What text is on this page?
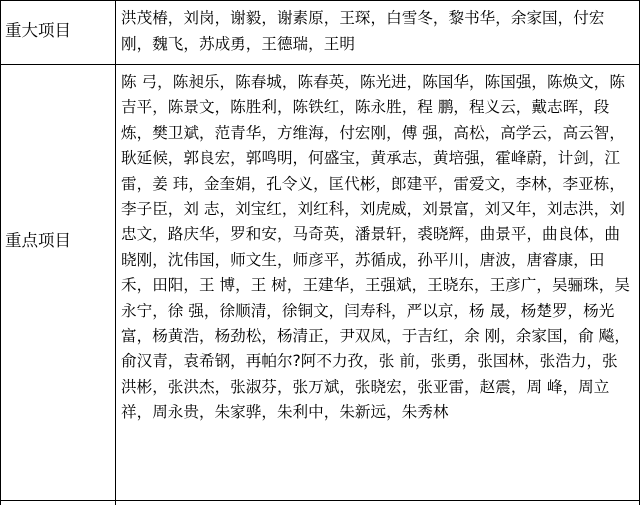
重大项目
洪茂椿，刘岗，谢毅，谢素原，王琛，白雪冬，黎书华，余家国，付宏刚，魏飞，苏成勇，王德瑞，王明
重点项目
陈 弓，陈昶乐，陈春城，陈春英，陈光进，陈国华，陈国强，陈焕文，陈吉平，陈景文，陈胜利，陈铁红，陈永胜，程 鹏，程义云，戴志晖，段炼，樊卫斌，范青华，方维海，付宏刚，傅 强，高松，高学云，高云智，耿延候，郭良宏，郭鸣明，何盛宝，黄承志，黄培强，霍峰蔚，计剑，江 雷，姜 玮，金奎娟，孔令义，匡代彬，郎建平，雷爱文，李林，李亚栋，李子臣，刘 志，刘宝红，刘红科，刘虎威，刘景富，刘又年，刘志洪，刘忠文，路庆华，罗和安，马奇英，潘景轩，裘晓辉，曲景平，曲良体，曲晓刚，沈伟国，师文生，师彦平，苏循成，孙平川，唐波，唐睿康，田 禾，田阳，王 博，王 树，王建华，王强斌，王晓东，王彦广，吴骊珠，吴永宁，徐 强，徐顺清，徐铜文，闫寿科，严以京，杨 晟，杨楚罗，杨光富，杨黄浩，杨劲松，杨清正，尹双凤，于吉红，余 刚，余家国，俞 飚，俞汉青，袁希钢，再帕尔?阿不力孜，张 前，张勇，张国林，张浩力，张洪彬，张洪杰，张淑芬，张万斌，张晓宏，张亚雷，赵震，周 峰，周立祥，周永贵，朱家骅，朱利中，朱新远，朱秀林
